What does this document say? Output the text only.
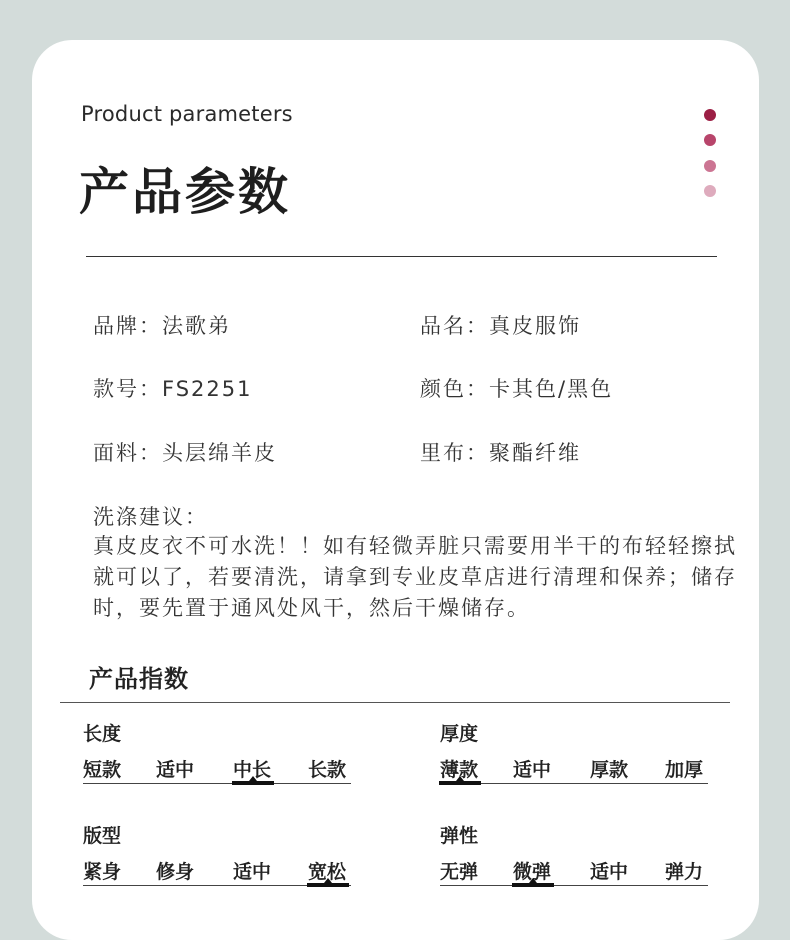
Product parameters
产品参数
品牌：法歌弟	品名：真皮服饰
款号：FS2251	颜色：卡其色/黑色
面料：头层绵羊皮	里布：聚酯纤维
洗涤建议：
真皮皮衣不可水洗！！如有轻微弄脏只需要用半干的布轻轻擦拭就可以了，若要清洗，请拿到专业皮草店进行清理和保养；储存时，要先置于通风处风干，然后干燥储存。
产品指数
长度
短款 适中 中长 长款
厚度
薄款 适中 厚款 加厚
版型
紧身 修身 适中 宽松
弹性
无弹 微弹 适中 弹力
